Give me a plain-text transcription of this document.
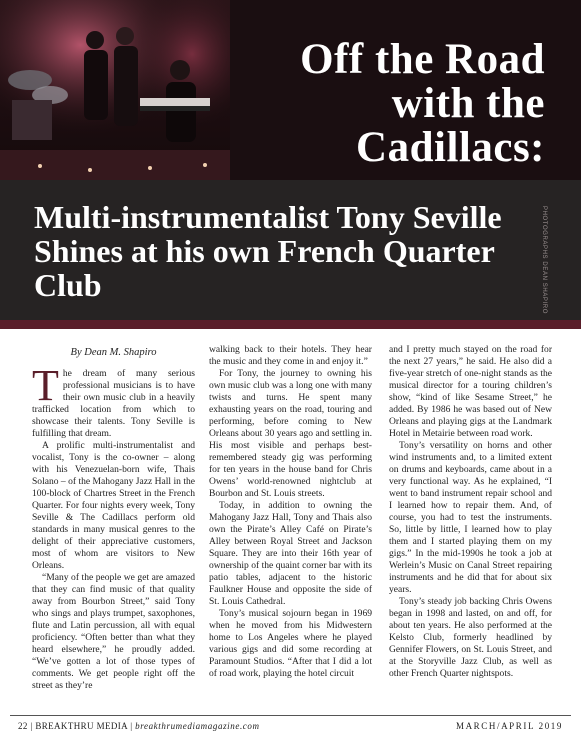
Off the Road with the Cadillacs:
Multi-instrumentalist Tony Seville Shines at his own French Quarter Club	PHOTOGRAPHS DEAN SHAPIRO

By Dean M. Shapiro

The dream of many serious professional musicians is to have their own music club in a heavily trafficked location from which to showcase their talents. Tony Seville is fulfilling that dream.

A prolific multi-instrumentalist and vocalist, Tony is the co-owner – along with his Venezuelan-born wife, Thais Solano – of the Mahogany Jazz Hall in the 100-block of Chartres Street in the French Quarter. For four nights every week, Tony Seville & The Cadillacs perform old standards in many musical genres to the delight of their appreciative customers, most of whom are visitors to New Orleans.

“Many of the people we get are amazed that they can find music of that quality away from Bourbon Street,” said Tony who sings and plays trumpet, saxophones, flute and Latin percussion, all with equal proficiency. “Often better than what they heard elsewhere,” he proudly added. “We’ve gotten a lot of those types of comments. We get people right off the street as they’re

walking back to their hotels. They hear the music and they come in and enjoy it.”

For Tony, the journey to owning his own music club was a long one with many twists and turns. He spent many exhausting years on the road, touring and performing, before coming to New Orleans about 30 years ago and settling in. His most visible and perhaps best-remembered steady gig was performing for ten years in the house band for Chris Owens’ world-renowned nightclub at Bourbon and St. Louis streets.

Today, in addition to owning the Mahogany Jazz Hall, Tony and Thais also own the Pirate’s Alley Café on Pirate’s Alley between Royal Street and Jackson Square. They are into their 16th year of ownership of the quaint corner bar with its patio tables, adjacent to the historic Faulkner House and opposite the side of St. Louis Cathedral.

Tony’s musical sojourn began in 1969 when he moved from his Midwestern home to Los Angeles where he played various gigs and did some recording at Paramount Studios. “After that I did a lot of road work, playing the hotel circuit

and I pretty much stayed on the road for the next 27 years,” he said. He also did a five-year stretch of one-night stands as the musical director for a touring children’s show, “kind of like Sesame Street,” he added. By 1986 he was based out of New Orleans and playing gigs at the Landmark Hotel in Metairie between road work.

Tony’s versatility on horns and other wind instruments and, to a limited extent on drums and keyboards, came about in a very functional way. As he explained, “I went to band instrument repair school and I learned how to repair them. And, of course, you had to test the instruments. So, little by little, I learned how to play them and I started playing them on my gigs.” In the mid-1990s he took a job at Werlein’s Music on Canal Street repairing instruments and he did that for about six years.

Tony’s steady job backing Chris Owens began in 1998 and lasted, on and off, for about ten years. He also performed at the Kelsto Club, formerly headlined by Gennifer Flowers, on St. Louis Street, and at the Storyville Jazz Club, as well as other French Quarter nightspots.

22 | BREAKTHRU MEDIA | breakthrumediamagazine.com	MARCH/APRIL 2019
